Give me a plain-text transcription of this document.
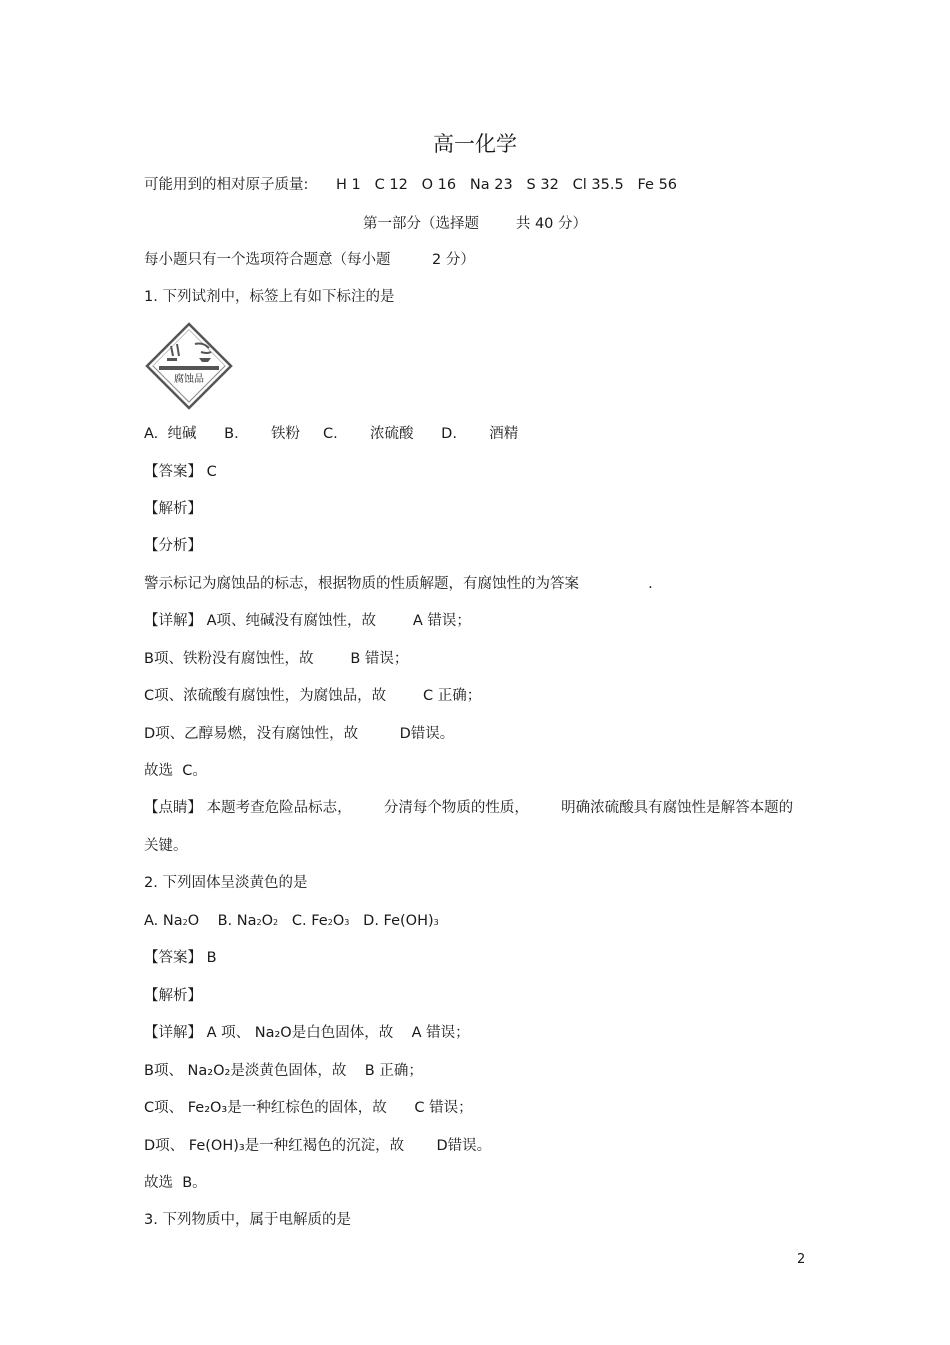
高一化学
可能用到的相对原子质量:      H 1   C 12   O 16   Na 23   S 32   Cl 35.5   Fe 56
第一部分（选择题        共 40 分）
每小题只有一个选项符合题意（每小题         2 分）
1. 下列试剂中，标签上有如下标注的是
腐蚀品
A.  纯碱      B.       铁粉     C.       浓硫酸      D.       酒精
【答案】 C
【解析】
【分析】
警示标记为腐蚀品的标志，根据物质的性质解题，有腐蚀性的为答案               .
【详解】 A项、纯碱没有腐蚀性，故        A 错误；
B项、铁粉没有腐蚀性，故        B 错误；
C项、浓硫酸有腐蚀性，为腐蚀品，故        C 正确；
D项、乙醇易燃，没有腐蚀性，故         D错误。
故选  C。
【点睛】 本题考查危险品标志，       分清每个物质的性质，       明确浓硫酸具有腐蚀性是解答本题的
关键。
2. 下列固体呈淡黄色的是
A. Na2O    B. Na2O2   C. Fe2O3   D. Fe(OH)3
【答案】 B
【解析】
【详解】 A 项、 Na₂O是白色固体，故    A 错误；
B项、 Na₂O₂是淡黄色固体，故    B 正确；
C项、 Fe₂O₃是一种红棕色的固体，故      C 错误；
D项、 Fe(OH)₃是一种红褐色的沉淀，故       D错误。
故选  B。
3. 下列物质中，属于电解质的是
2
